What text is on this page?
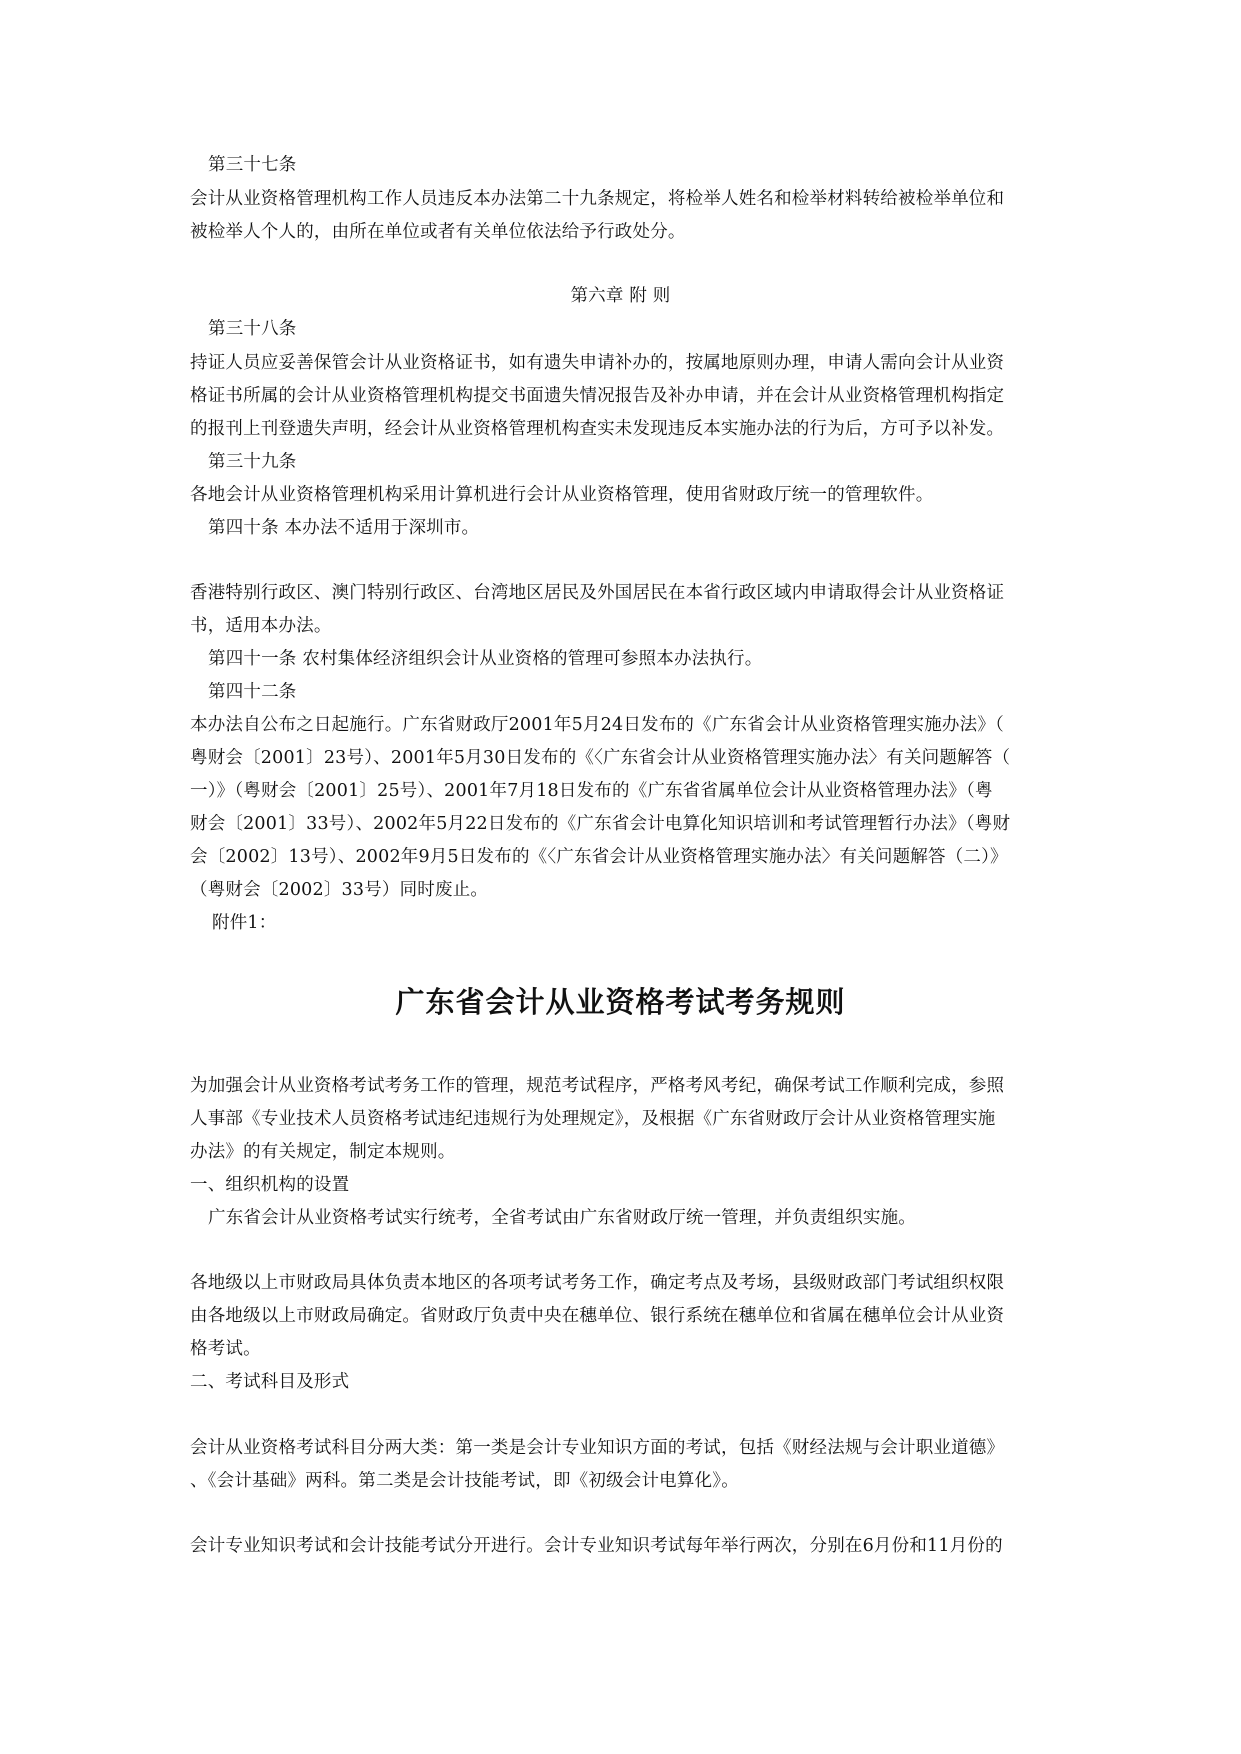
第三十七条
会计从业资格管理机构工作人员违反本办法第二十九条规定，将检举人姓名和检举材料转给被检举单位和
被检举人个人的，由所在单位或者有关单位依法给予行政处分。
第六章 附 则
第三十八条
持证人员应妥善保管会计从业资格证书，如有遗失申请补办的，按属地原则办理，申请人需向会计从业资
格证书所属的会计从业资格管理机构提交书面遗失情况报告及补办申请，并在会计从业资格管理机构指定
的报刊上刊登遗失声明，经会计从业资格管理机构查实未发现违反本实施办法的行为后，方可予以补发。
第三十九条
各地会计从业资格管理机构采用计算机进行会计从业资格管理，使用省财政厅统一的管理软件。
第四十条 本办法不适用于深圳市。
香港特别行政区、澳门特别行政区、台湾地区居民及外国居民在本省行政区域内申请取得会计从业资格证
书，适用本办法。
第四十一条 农村集体经济组织会计从业资格的管理可参照本办法执行。
第四十二条
本办法自公布之日起施行。广东省财政厅2001年5月24日发布的《广东省会计从业资格管理实施办法》（
粤财会〔2001〕23号）、2001年5月30日发布的《〈广东省会计从业资格管理实施办法〉有关问题解答（
一）》（粤财会〔2001〕25号）、2001年7月18日发布的《广东省省属单位会计从业资格管理办法》（粤
财会〔2001〕33号）、2002年5月22日发布的《广东省会计电算化知识培训和考试管理暂行办法》（粤财
会〔2002〕13号）、2002年9月5日发布的《〈广东省会计从业资格管理实施办法〉有关问题解答（二）》
（粤财会〔2002〕33号）同时废止。
附件1：
广东省会计从业资格考试考务规则
为加强会计从业资格考试考务工作的管理，规范考试程序，严格考风考纪，确保考试工作顺利完成，参照
人事部《专业技术人员资格考试违纪违规行为处理规定》，及根据《广东省财政厅会计从业资格管理实施
办法》的有关规定，制定本规则。
一、组织机构的设置
广东省会计从业资格考试实行统考，全省考试由广东省财政厅统一管理，并负责组织实施。
各地级以上市财政局具体负责本地区的各项考试考务工作，确定考点及考场，县级财政部门考试组织权限
由各地级以上市财政局确定。省财政厅负责中央在穗单位、银行系统在穗单位和省属在穗单位会计从业资
格考试。
二、考试科目及形式
会计从业资格考试科目分两大类：第一类是会计专业知识方面的考试，包括《财经法规与会计职业道德》
、《会计基础》两科。第二类是会计技能考试，即《初级会计电算化》。
会计专业知识考试和会计技能考试分开进行。会计专业知识考试每年举行两次，分别在6月份和11月份的
